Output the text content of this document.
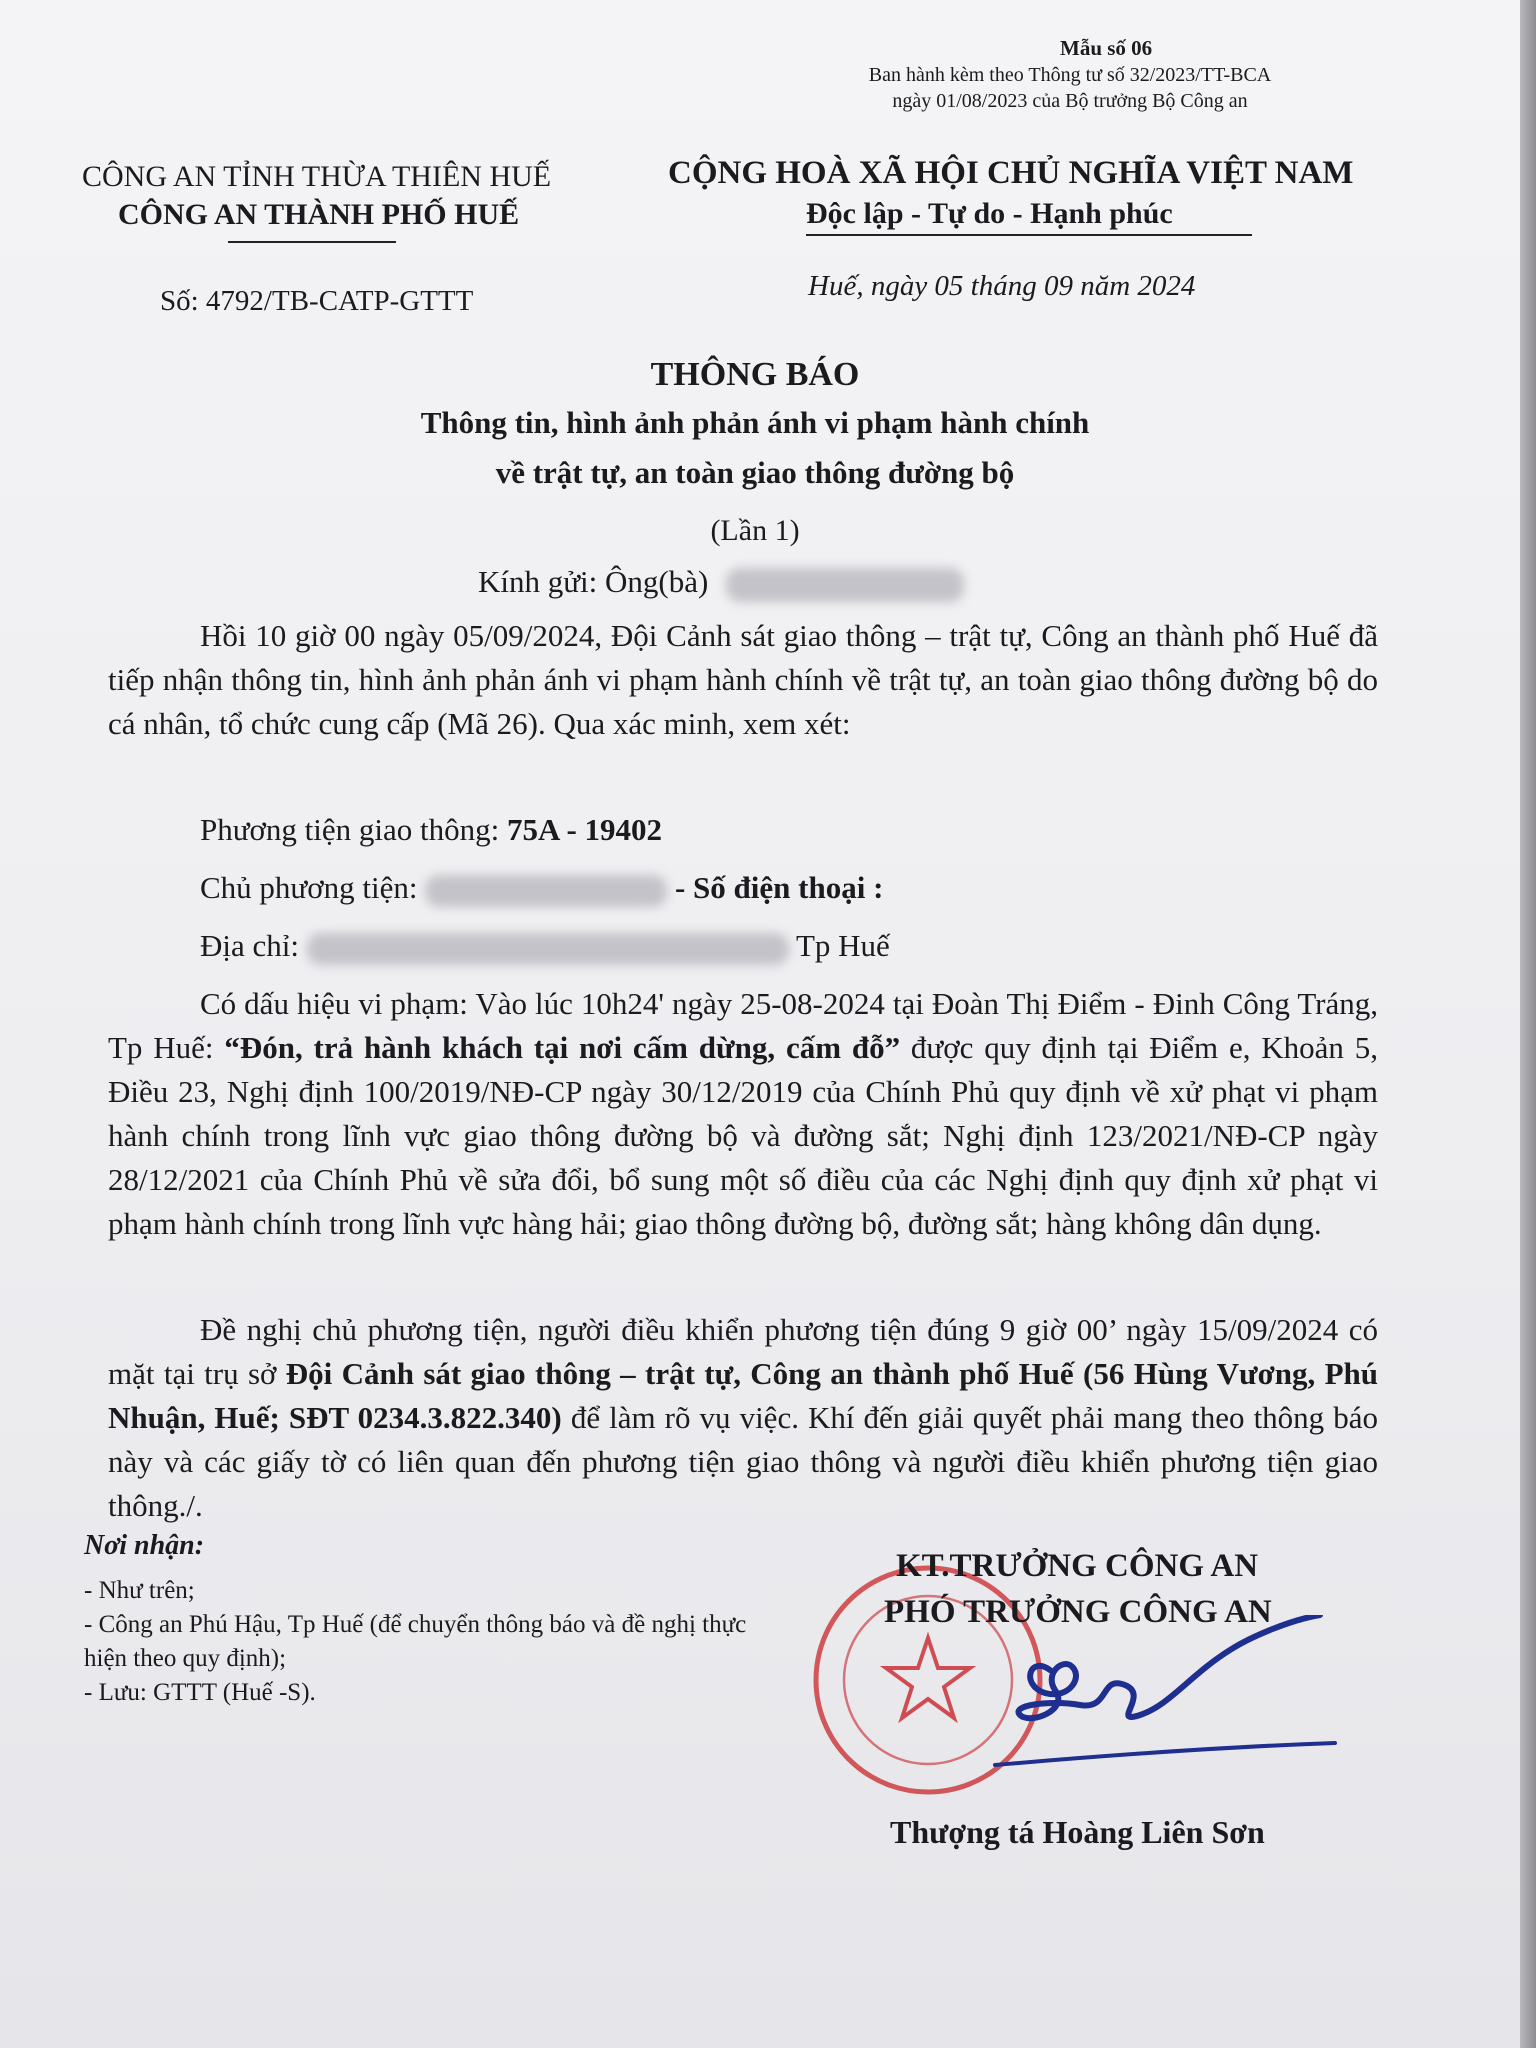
Mẫu số 06
Ban hành kèm theo Thông tư số 32/2023/TT-BCA
ngày 01/08/2023 của Bộ trưởng Bộ Công an
CÔNG AN TỈNH THỪA THIÊN HUẾ
CÔNG AN THÀNH PHỐ HUẾ
CỘNG HOÀ XÃ HỘI CHỦ NGHĨA VIỆT NAM
Độc lập - Tự do - Hạnh phúc
Số: 4792/TB-CATP-GTTT	Huế, ngày 05 tháng 09 năm 2024
THÔNG BÁO
Thông tin, hình ảnh phản ánh vi phạm hành chính
về trật tự, an toàn giao thông đường bộ
(Lần 1)
Kính gửi: Ông(bà)
Hồi 10 giờ 00 ngày 05/09/2024, Đội Cảnh sát giao thông – trật tự, Công an thành phố Huế đã tiếp nhận thông tin, hình ảnh phản ánh vi phạm hành chính về trật tự, an toàn giao thông đường bộ do cá nhân, tổ chức cung cấp (Mã 26). Qua xác minh, xem xét:
Phương tiện giao thông: 75A - 19402
Chủ phương tiện:	- Số điện thoại :
Địa chỉ:	Tp Huế
Có dấu hiệu vi phạm: Vào lúc 10h24' ngày 25-08-2024 tại Đoàn Thị Điểm - Đinh Công Tráng, Tp Huế: “Đón, trả hành khách tại nơi cấm dừng, cấm đỗ” được quy định tại Điểm e, Khoản 5, Điều 23, Nghị định 100/2019/NĐ-CP ngày 30/12/2019 của Chính Phủ quy định về xử phạt vi phạm hành chính trong lĩnh vực giao thông đường bộ và đường sắt; Nghị định 123/2021/NĐ-CP ngày 28/12/2021 của Chính Phủ về sửa đổi, bổ sung một số điều của các Nghị định quy định xử phạt vi phạm hành chính trong lĩnh vực hàng hải; giao thông đường bộ, đường sắt; hàng không dân dụng.
Đề nghị chủ phương tiện, người điều khiển phương tiện đúng 9 giờ 00’ ngày 15/09/2024 có mặt tại trụ sở Đội Cảnh sát giao thông – trật tự, Công an thành phố Huế (56 Hùng Vương, Phú Nhuận, Huế; SĐT 0234.3.822.340) để làm rõ vụ việc. Khí đến giải quyết phải mang theo thông báo này và các giấy tờ có liên quan đến phương tiện giao thông và người điều khiển phương tiện giao thông./.
Nơi nhận:
- Như trên;
- Công an Phú Hậu, Tp Huế (để chuyển thông báo và đề nghị thực hiện theo quy định);
- Lưu: GTTT (Huế -S).
KT.TRƯỞNG CÔNG AN
PHÓ TRƯỞNG CÔNG AN
Thượng tá Hoàng Liên Sơn
